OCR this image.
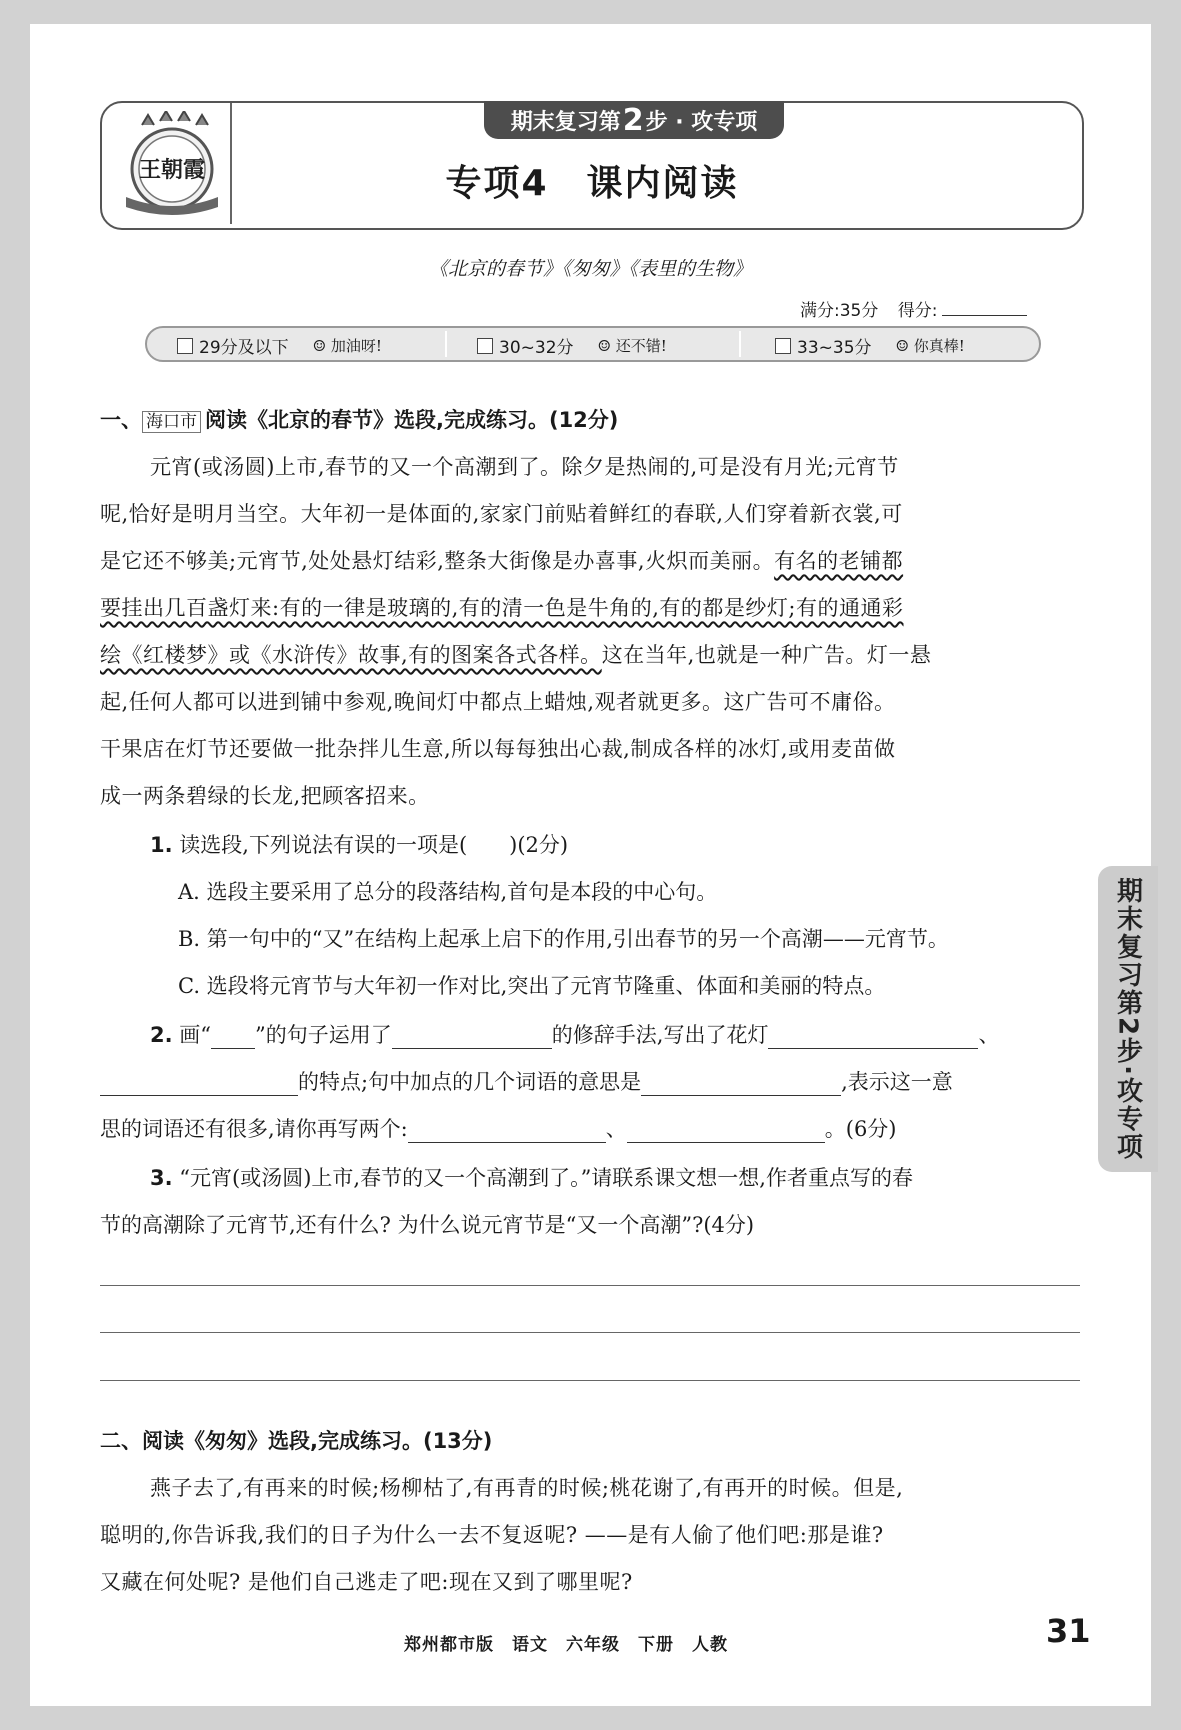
王朝霞
期末复习第 2 步 · 攻专项
专项4　课内阅读
《北京的春节》《匆匆》《表里的生物》
满分:35分 得分:
29分及以下 ☺ 加油呀!	30~32分 ☺ 还不错!	33~35分 ☺ 你真棒!
一、 海口市 阅读《北京的春节》选段,完成练习。(12分)
元宵(或汤圆)上市,春节的又一个高潮到了。除夕是热闹的,可是没有月光;元宵节
呢,恰好是明月当空。大年初一是体面的,家家门前贴着鲜红的春联,人们穿着新衣裳,可
是它还不够美;元宵节,处处悬灯结彩,整条大街像是办喜事,火炽而美丽。有名的老铺都
要挂出几百盏灯来:有的一律是玻璃的,有的清一色是牛角的,有的都是纱灯;有的通通彩
绘《红楼梦》或《水浒传》故事,有的图案各式各样。这在当年,也就是一种广告。灯一悬
起,任何人都可以进到铺中参观,晚间灯中都点上蜡烛,观者就更多。这广告可不庸俗。
干果店在灯节还要做一批杂拌儿生意,所以每每独出心裁,制成各样的冰灯,或用麦苗做
成一两条碧绿的长龙,把顾客招来。
1. 读选段,下列说法有误的一项是(　　)(2分)
A. 选段主要采用了总分的段落结构,首句是本段的中心句。
B. 第一句中的“又”在结构上起承上启下的作用,引出春节的另一个高潮——元宵节。
C. 选段将元宵节与大年初一作对比,突出了元宵节隆重、体面和美丽的特点。
2. 画“ ”的句子运用了	的修辞手法,写出了花灯	、
的特点;句中加点的几个词语的意思是	,表示这一意
思的词语还有很多,请你再写两个:	、	。(6分)
3. “元宵(或汤圆)上市,春节的又一个高潮到了。”请联系课文想一想,作者重点写的春
节的高潮除了元宵节,还有什么? 为什么说元宵节是“又一个高潮”?(4分)
二、阅读《匆匆》选段,完成练习。(13分)
燕子去了,有再来的时候;杨柳枯了,有再青的时候;桃花谢了,有再开的时候。但是,
聪明的,你告诉我,我们的日子为什么一去不复返呢? ——是有人偷了他们吧:那是谁?
又藏在何处呢? 是他们自己逃走了吧:现在又到了哪里呢?
期末复习第2步·攻专项
郑州都市版　语文　六年级　下册　人教	31
